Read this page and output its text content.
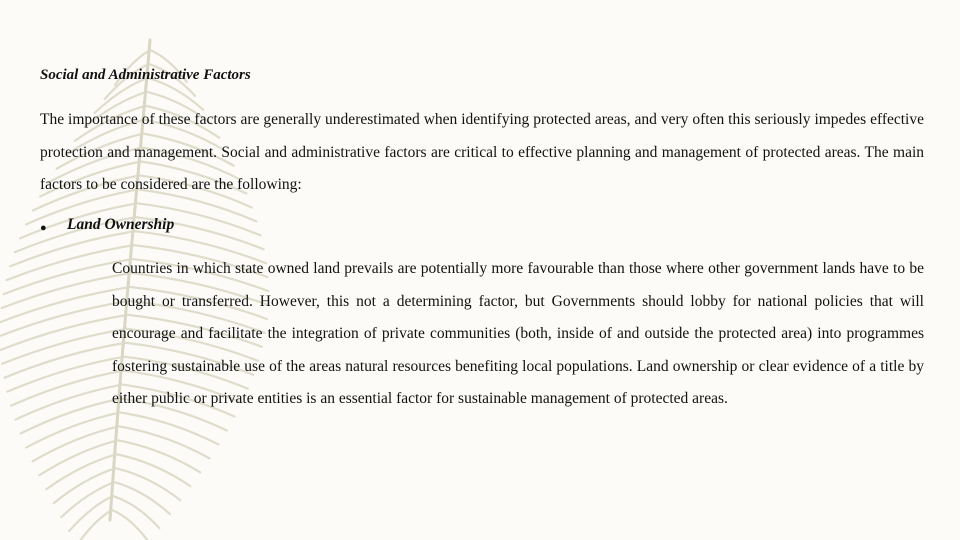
Social and Administrative Factors

The importance of these factors are generally underestimated when identifying protected areas, and very often this seriously impedes effective protection and management. Social and administrative factors are critical to effective planning and management of protected areas. The main factors to be considered are the following:

● Land Ownership

Countries in which state owned land prevails are potentially more favourable than those where other government lands have to be bought or transferred. However, this not a determining factor, but Governments should lobby for national policies that will encourage and facilitate the integration of private communities (both, inside of and outside the protected area) into programmes fostering sustainable use of the areas natural resources benefiting local populations. Land ownership or clear evidence of a title by either public or private entities is an essential factor for sustainable management of protected areas.
